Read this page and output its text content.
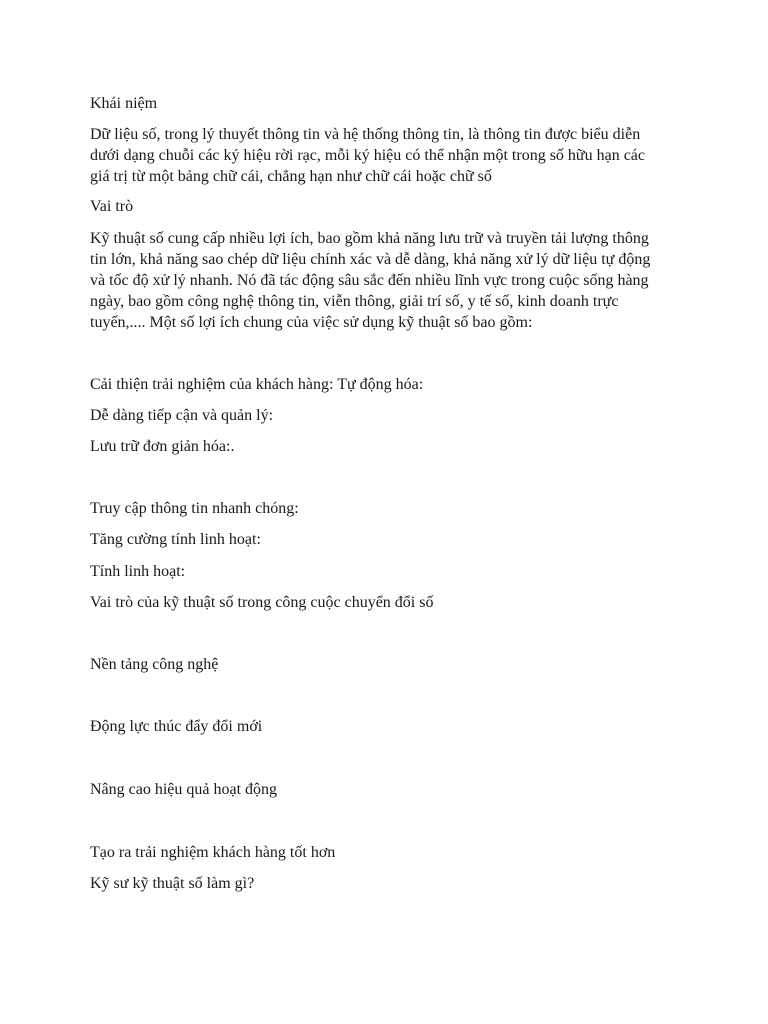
Khái niệm

Dữ liệu số, trong lý thuyết thông tin và hệ thống thông tin, là thông tin được biểu diễn
dưới dạng chuỗi các ký hiệu rời rạc, mỗi ký hiệu có thể nhận một trong số hữu hạn các
giá trị từ một bảng chữ cái, chẳng hạn như chữ cái hoặc chữ số

Vai trò

Kỹ thuật số cung cấp nhiều lợi ích, bao gồm khả năng lưu trữ và truyền tải lượng thông
tin lớn, khả năng sao chép dữ liệu chính xác và dễ dàng, khả năng xử lý dữ liệu tự động
và tốc độ xử lý nhanh. Nó đã tác động sâu sắc đến nhiều lĩnh vực trong cuộc sống hàng
ngày, bao gồm công nghệ thông tin, viễn thông, giải trí số, y tế số, kinh doanh trực
tuyến,.... Một số lợi ích chung của việc sử dụng kỹ thuật số bao gồm:

Cải thiện trải nghiệm của khách hàng: Tự động hóa:

Dễ dàng tiếp cận và quản lý:

Lưu trữ đơn giản hóa:.

Truy cập thông tin nhanh chóng:

Tăng cường tính linh hoạt:

Tính linh hoạt:

Vai trò của kỹ thuật số trong công cuộc chuyển đổi số

Nền tảng công nghệ

Động lực thúc đẩy đổi mới

Nâng cao hiệu quả hoạt động

Tạo ra trải nghiệm khách hàng tốt hơn

Kỹ sư kỹ thuật số làm gì?
